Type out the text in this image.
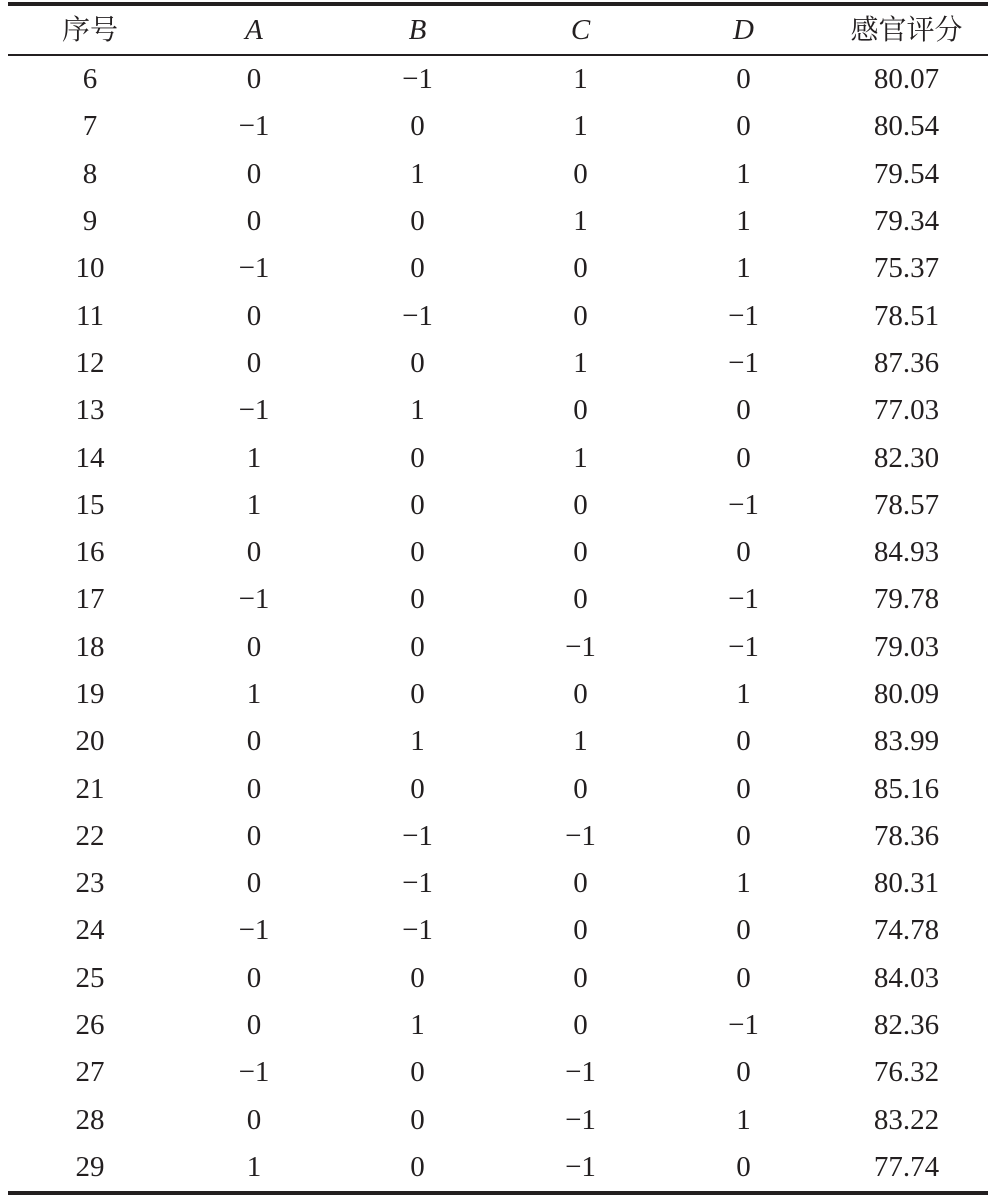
序号	A	B	C	D	感官评分
6	0	−1	1	0	80.07
7	−1	0	1	0	80.54
8	0	1	0	1	79.54
9	0	0	1	1	79.34
10	−1	0	0	1	75.37
11	0	−1	0	−1	78.51
12	0	0	1	−1	87.36
13	−1	1	0	0	77.03
14	1	0	1	0	82.30
15	1	0	0	−1	78.57
16	0	0	0	0	84.93
17	−1	0	0	−1	79.78
18	0	0	−1	−1	79.03
19	1	0	0	1	80.09
20	0	1	1	0	83.99
21	0	0	0	0	85.16
22	0	−1	−1	0	78.36
23	0	−1	0	1	80.31
24	−1	−1	0	0	74.78
25	0	0	0	0	84.03
26	0	1	0	−1	82.36
27	−1	0	−1	0	76.32
28	0	0	−1	1	83.22
29	1	0	−1	0	77.74
